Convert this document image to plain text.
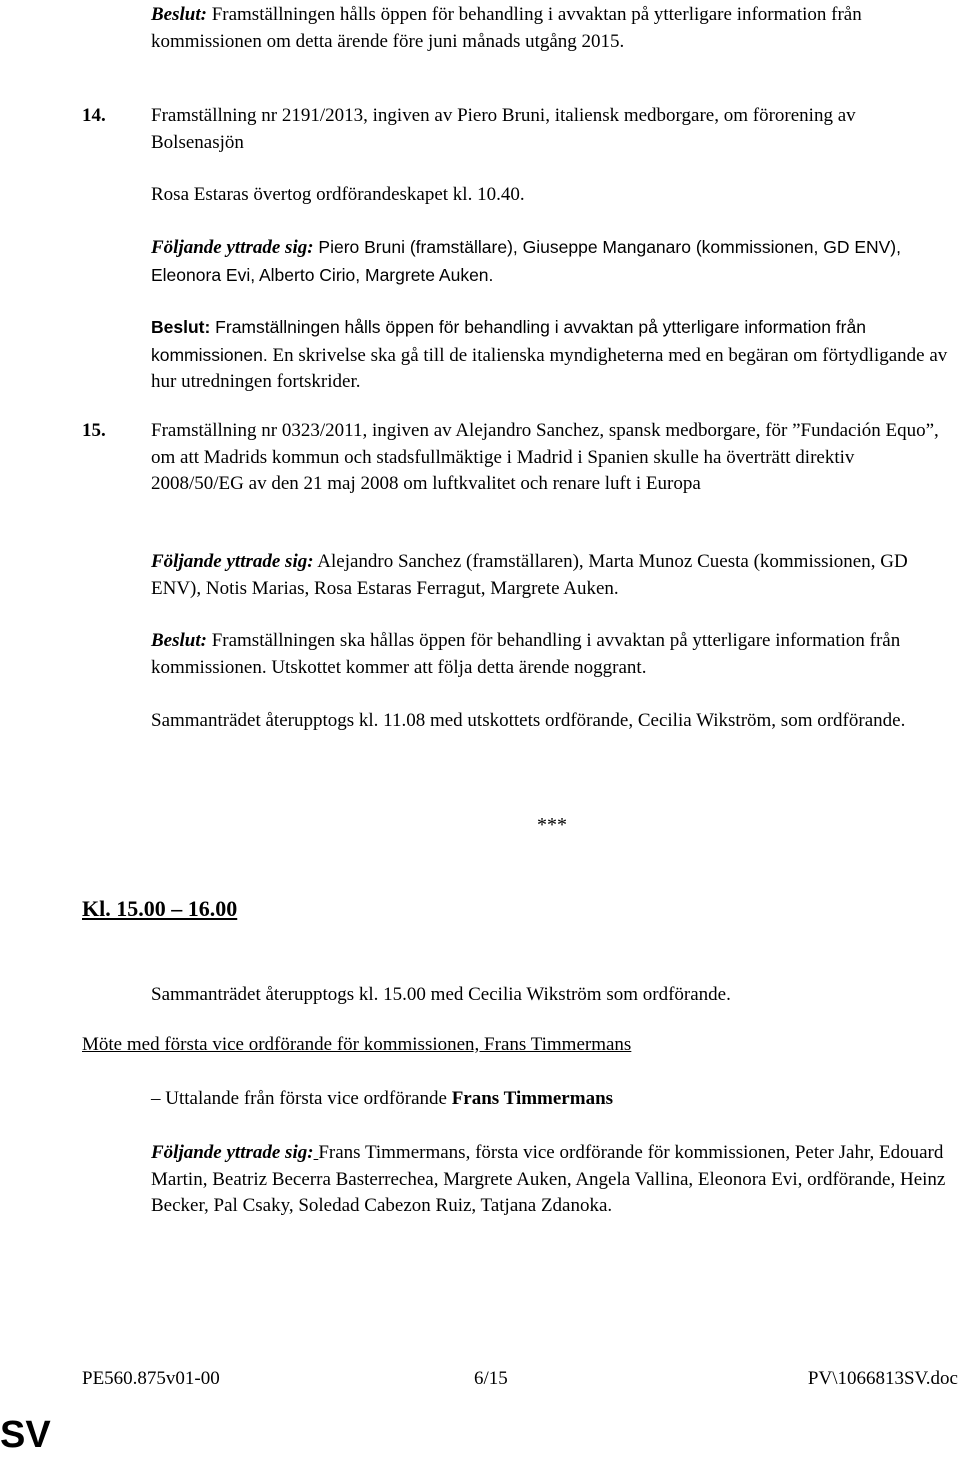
Beslut: Framställningen hålls öppen för behandling i avvaktan på ytterligare information från kommissionen om detta ärende före juni månads utgång 2015.

14. Framställning nr 2191/2013, ingiven av Piero Bruni, italiensk medborgare, om förorening av Bolsenasjön

Rosa Estaras övertog ordförandeskapet kl. 10.40.

Följande yttrade sig: Piero Bruni (framställare), Giuseppe Manganaro (kommissionen, GD ENV), Eleonora Evi, Alberto Cirio, Margrete Auken.

Beslut: Framställningen hålls öppen för behandling i avvaktan på ytterligare information från kommissionen. En skrivelse ska gå till de italienska myndigheterna med en begäran om förtydligande av hur utredningen fortskrider.

15. Framställning nr 0323/2011, ingiven av Alejandro Sanchez, spansk medborgare, för ”Fundación Equo”, om att Madrids kommun och stadsfullmäktige i Madrid i Spanien skulle ha överträtt direktiv 2008/50/EG av den 21 maj 2008 om luftkvalitet och renare luft i Europa

Följande yttrade sig: Alejandro Sanchez (framställaren), Marta Munoz Cuesta (kommissionen, GD ENV), Notis Marias, Rosa Estaras Ferragut, Margrete Auken.

Beslut: Framställningen ska hållas öppen för behandling i avvaktan på ytterligare information från kommissionen. Utskottet kommer att följa detta ärende noggrant.

Sammanträdet återupptogs kl. 11.08 med utskottets ordförande, Cecilia Wikström, som ordförande.

***

Kl. 15.00 – 16.00

Sammanträdet återupptogs kl. 15.00 med Cecilia Wikström som ordförande.

Möte med första vice ordförande för kommissionen, Frans Timmermans

– Uttalande från första vice ordförande Frans Timmermans

Följande yttrade sig: Frans Timmermans, första vice ordförande för kommissionen, Peter Jahr, Edouard Martin, Beatriz Becerra Basterrechea, Margrete Auken, Angela Vallina, Eleonora Evi, ordförande, Heinz Becker, Pal Csaky, Soledad Cabezon Ruiz, Tatjana Zdanoka.

PE560.875v01-00	6/15	PV\1066813SV.doc

SV
